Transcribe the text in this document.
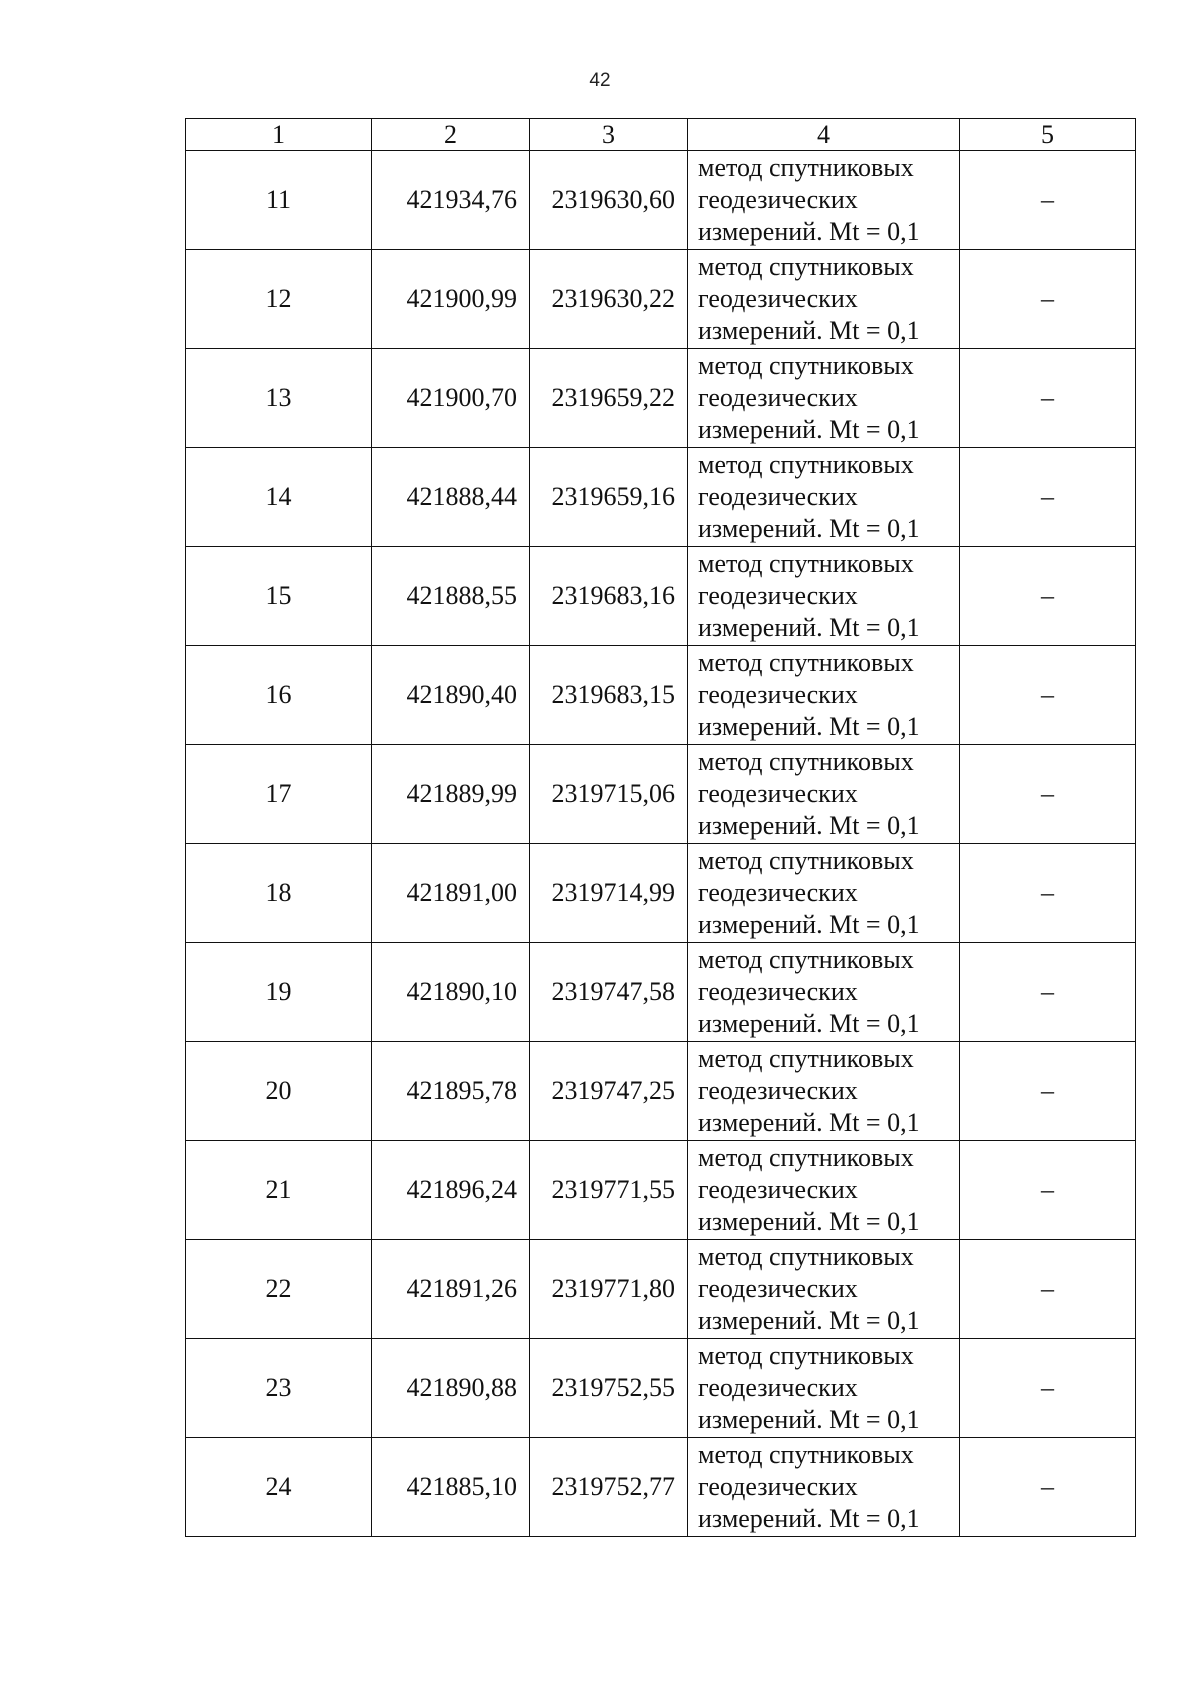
42
1	2	3	4	5
11	421934,76	2319630,60	метод спутниковых
геодезических
измерений. Mt = 0,1	–
12	421900,99	2319630,22	метод спутниковых
геодезических
измерений. Mt = 0,1	–
13	421900,70	2319659,22	метод спутниковых
геодезических
измерений. Mt = 0,1	–
14	421888,44	2319659,16	метод спутниковых
геодезических
измерений. Mt = 0,1	–
15	421888,55	2319683,16	метод спутниковых
геодезических
измерений. Mt = 0,1	–
16	421890,40	2319683,15	метод спутниковых
геодезических
измерений. Mt = 0,1	–
17	421889,99	2319715,06	метод спутниковых
геодезических
измерений. Mt = 0,1	–
18	421891,00	2319714,99	метод спутниковых
геодезических
измерений. Mt = 0,1	–
19	421890,10	2319747,58	метод спутниковых
геодезических
измерений. Mt = 0,1	–
20	421895,78	2319747,25	метод спутниковых
геодезических
измерений. Mt = 0,1	–
21	421896,24	2319771,55	метод спутниковых
геодезических
измерений. Mt = 0,1	–
22	421891,26	2319771,80	метод спутниковых
геодезических
измерений. Mt = 0,1	–
23	421890,88	2319752,55	метод спутниковых
геодезических
измерений. Mt = 0,1	–
24	421885,10	2319752,77	метод спутниковых
геодезических
измерений. Mt = 0,1	–
